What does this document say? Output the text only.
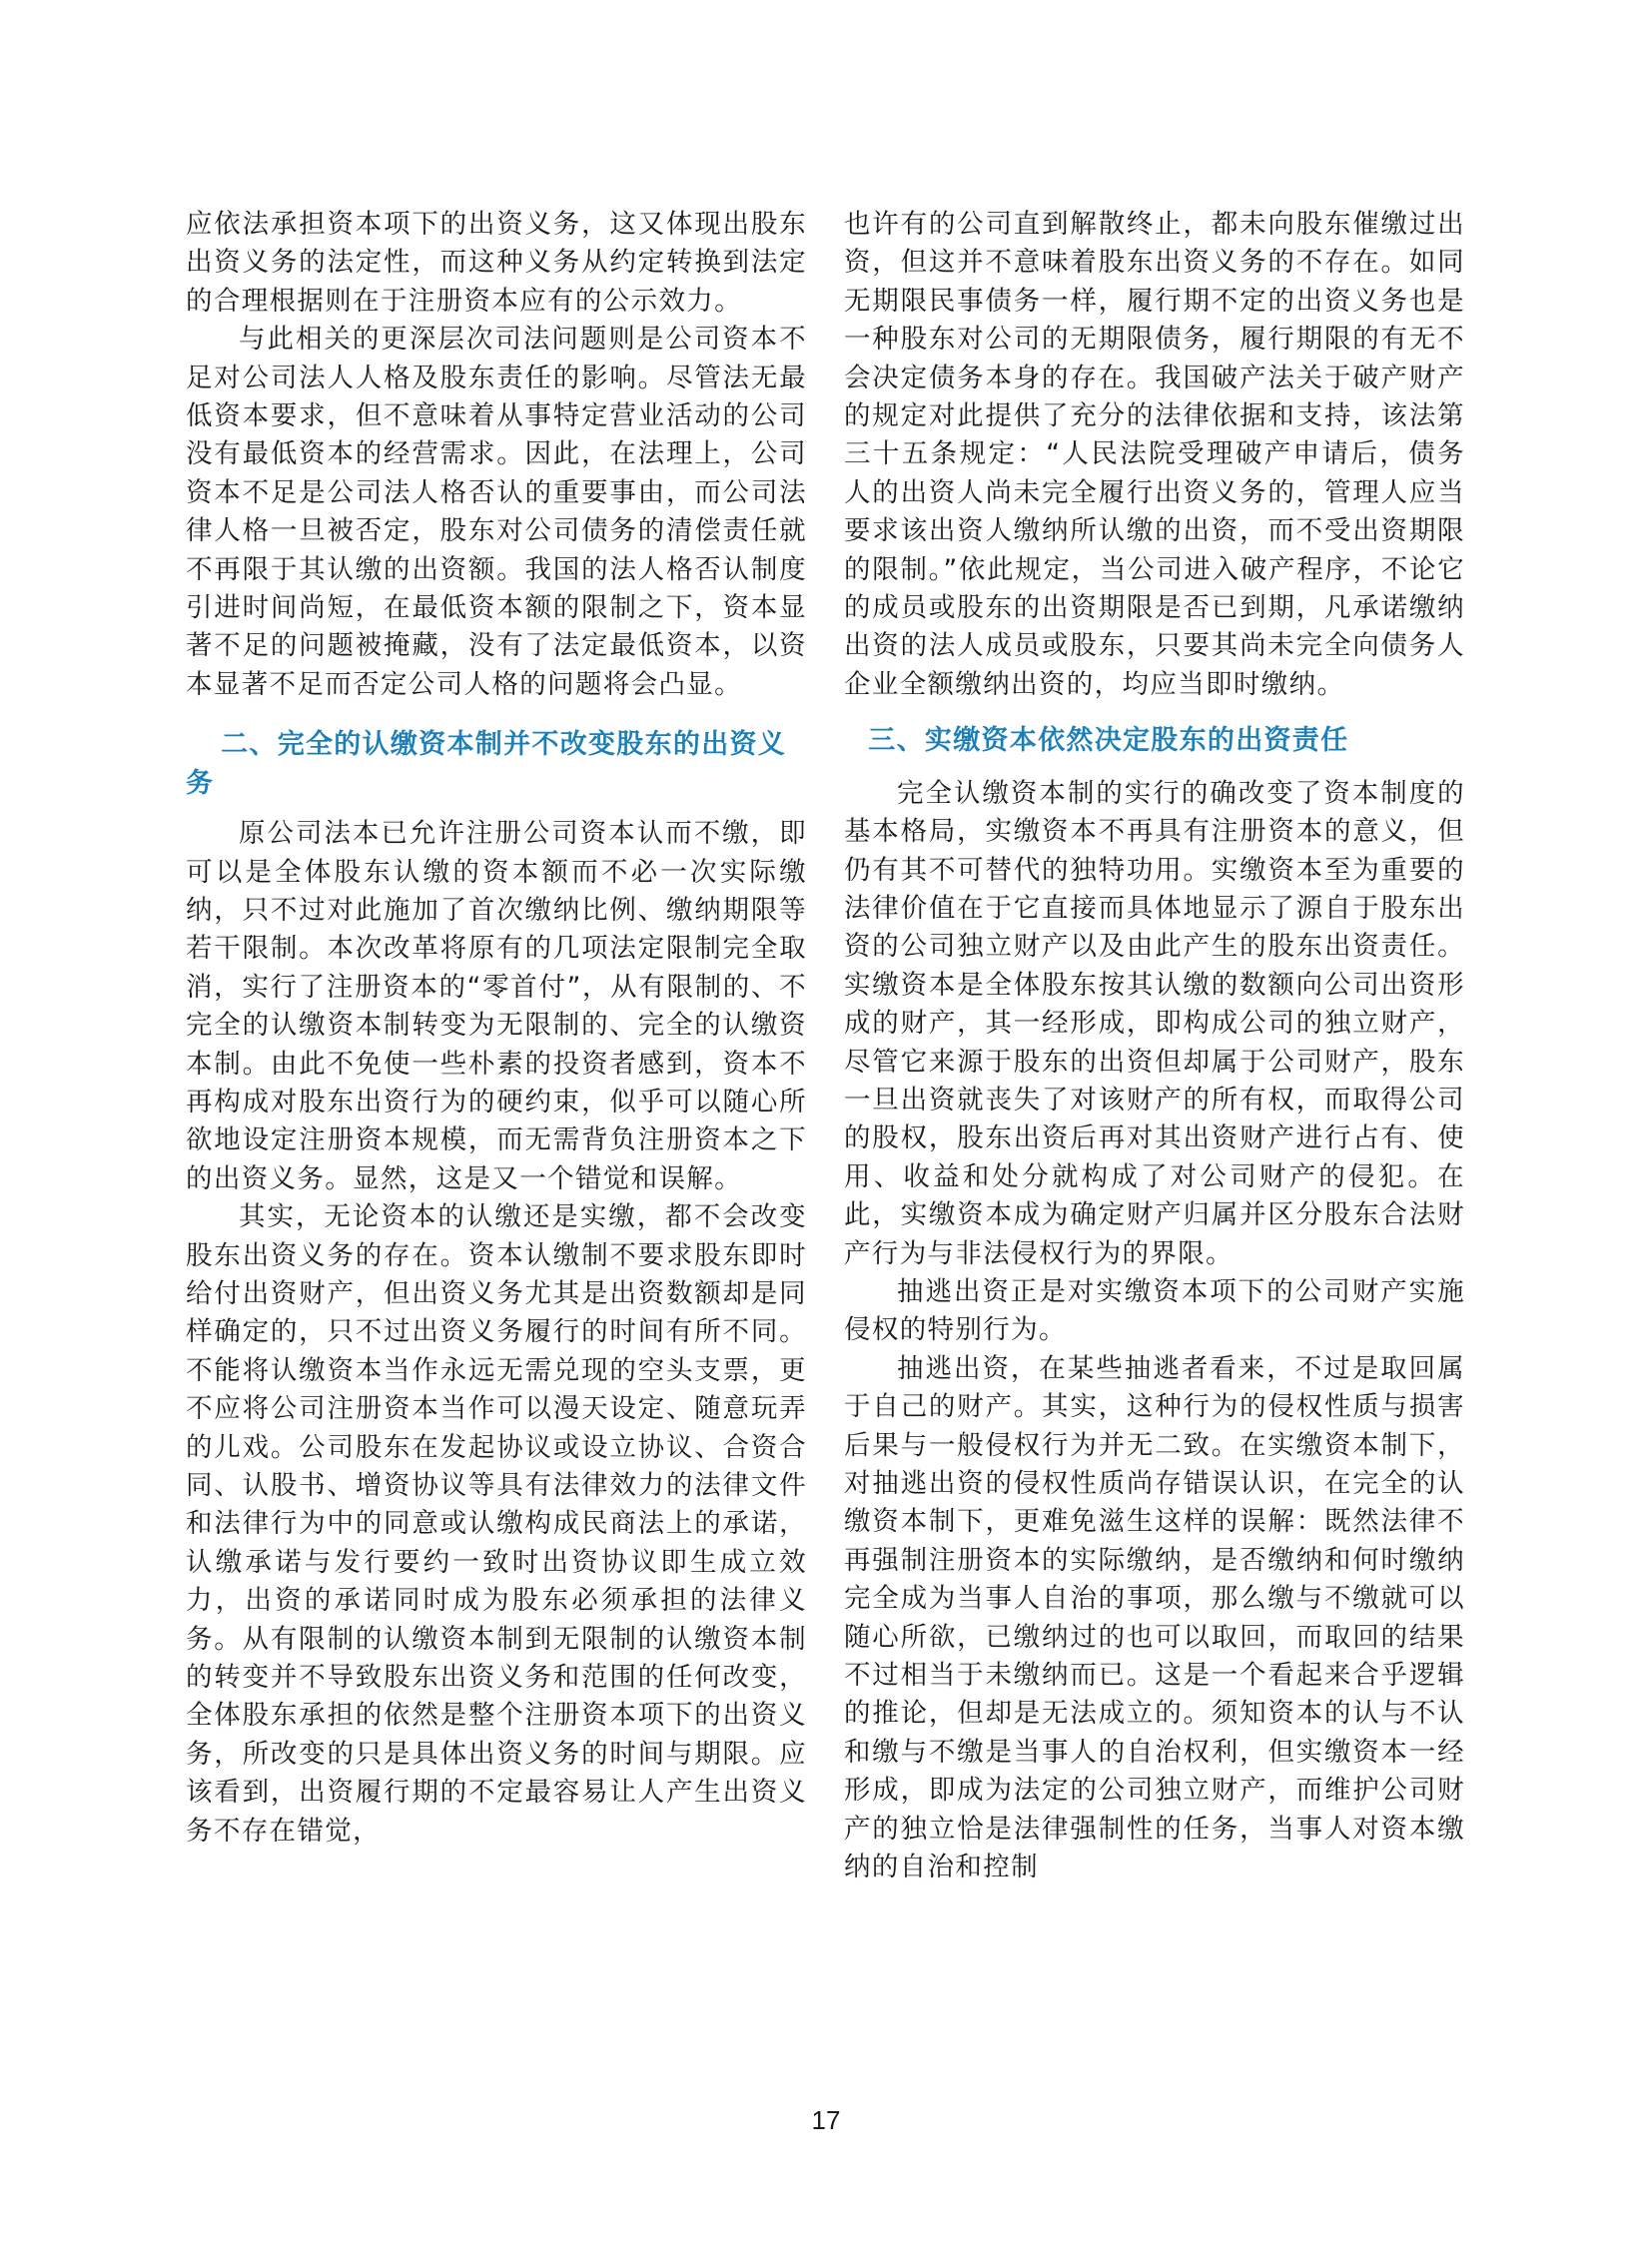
应依法承担资本项下的出资义务，这又体现出股东出资义务的法定性，而这种义务从约定转换到法定的合理根据则在于注册资本应有的公示效力。

与此相关的更深层次司法问题则是公司资本不足对公司法人人格及股东责任的影响。尽管法无最低资本要求，但不意味着从事特定营业活动的公司没有最低资本的经营需求。因此，在法理上，公司资本不足是公司法人格否认的重要事由，而公司法律人格一旦被否定，股东对公司债务的清偿责任就不再限于其认缴的出资额。我国的法人格否认制度引进时间尚短，在最低资本额的限制之下，资本显著不足的问题被掩藏，没有了法定最低资本，以资本显著不足而否定公司人格的问题将会凸显。

二、完全的认缴资本制并不改变股东的出资义务

原公司法本已允许注册公司资本认而不缴，即可以是全体股东认缴的资本额而不必一次实际缴纳，只不过对此施加了首次缴纳比例、缴纳期限等若干限制。本次改革将原有的几项法定限制完全取消，实行了注册资本的“零首付”，从有限制的、不完全的认缴资本制转变为无限制的、完全的认缴资本制。由此不免使一些朴素的投资者感到，资本不再构成对股东出资行为的硬约束，似乎可以随心所欲地设定注册资本规模，而无需背负注册资本之下的出资义务。显然，这是又一个错觉和误解。

其实，无论资本的认缴还是实缴，都不会改变股东出资义务的存在。资本认缴制不要求股东即时给付出资财产，但出资义务尤其是出资数额却是同样确定的，只不过出资义务履行的时间有所不同。不能将认缴资本当作永远无需兑现的空头支票，更不应将公司注册资本当作可以漫天设定、随意玩弄的儿戏。公司股东在发起协议或设立协议、合资合同、认股书、增资协议等具有法律效力的法律文件和法律行为中的同意或认缴构成民商法上的承诺，认缴承诺与发行要约一致时出资协议即生成立效力，出资的承诺同时成为股东必须承担的法律义务。从有限制的认缴资本制到无限制的认缴资本制的转变并不导致股东出资义务和范围的任何改变，全体股东承担的依然是整个注册资本项下的出资义务，所改变的只是具体出资义务的时间与期限。应该看到，出资履行期的不定最容易让人产生出资义务不存在错觉，

也许有的公司直到解散终止，都未向股东催缴过出资，但这并不意味着股东出资义务的不存在。如同无期限民事债务一样，履行期不定的出资义务也是一种股东对公司的无期限债务，履行期限的有无不会决定债务本身的存在。我国破产法关于破产财产的规定对此提供了充分的法律依据和支持，该法第三十五条规定：“人民法院受理破产申请后，债务人的出资人尚未完全履行出资义务的，管理人应当要求该出资人缴纳所认缴的出资，而不受出资期限的限制。”依此规定，当公司进入破产程序，不论它的成员或股东的出资期限是否已到期，凡承诺缴纳出资的法人成员或股东，只要其尚未完全向债务人企业全额缴纳出资的，均应当即时缴纳。

三、实缴资本依然决定股东的出资责任

完全认缴资本制的实行的确改变了资本制度的基本格局，实缴资本不再具有注册资本的意义，但仍有其不可替代的独特功用。实缴资本至为重要的法律价值在于它直接而具体地显示了源自于股东出资的公司独立财产以及由此产生的股东出资责任。实缴资本是全体股东按其认缴的数额向公司出资形成的财产，其一经形成，即构成公司的独立财产，尽管它来源于股东的出资但却属于公司财产，股东一旦出资就丧失了对该财产的所有权，而取得公司的股权，股东出资后再对其出资财产进行占有、使用、收益和处分就构成了对公司财产的侵犯。在此，实缴资本成为确定财产归属并区分股东合法财产行为与非法侵权行为的界限。

抽逃出资正是对实缴资本项下的公司财产实施侵权的特别行为。

抽逃出资，在某些抽逃者看来，不过是取回属于自己的财产。其实，这种行为的侵权性质与损害后果与一般侵权行为并无二致。在实缴资本制下，对抽逃出资的侵权性质尚存错误认识，在完全的认缴资本制下，更难免滋生这样的误解：既然法律不再强制注册资本的实际缴纳，是否缴纳和何时缴纳完全成为当事人自治的事项，那么缴与不缴就可以随心所欲，已缴纳过的也可以取回，而取回的结果不过相当于未缴纳而已。这是一个看起来合乎逻辑的推论，但却是无法成立的。须知资本的认与不认和缴与不缴是当事人的自治权利，但实缴资本一经形成，即成为法定的公司独立财产，而维护公司财产的独立恰是法律强制性的任务，当事人对资本缴纳的自治和控制

17
